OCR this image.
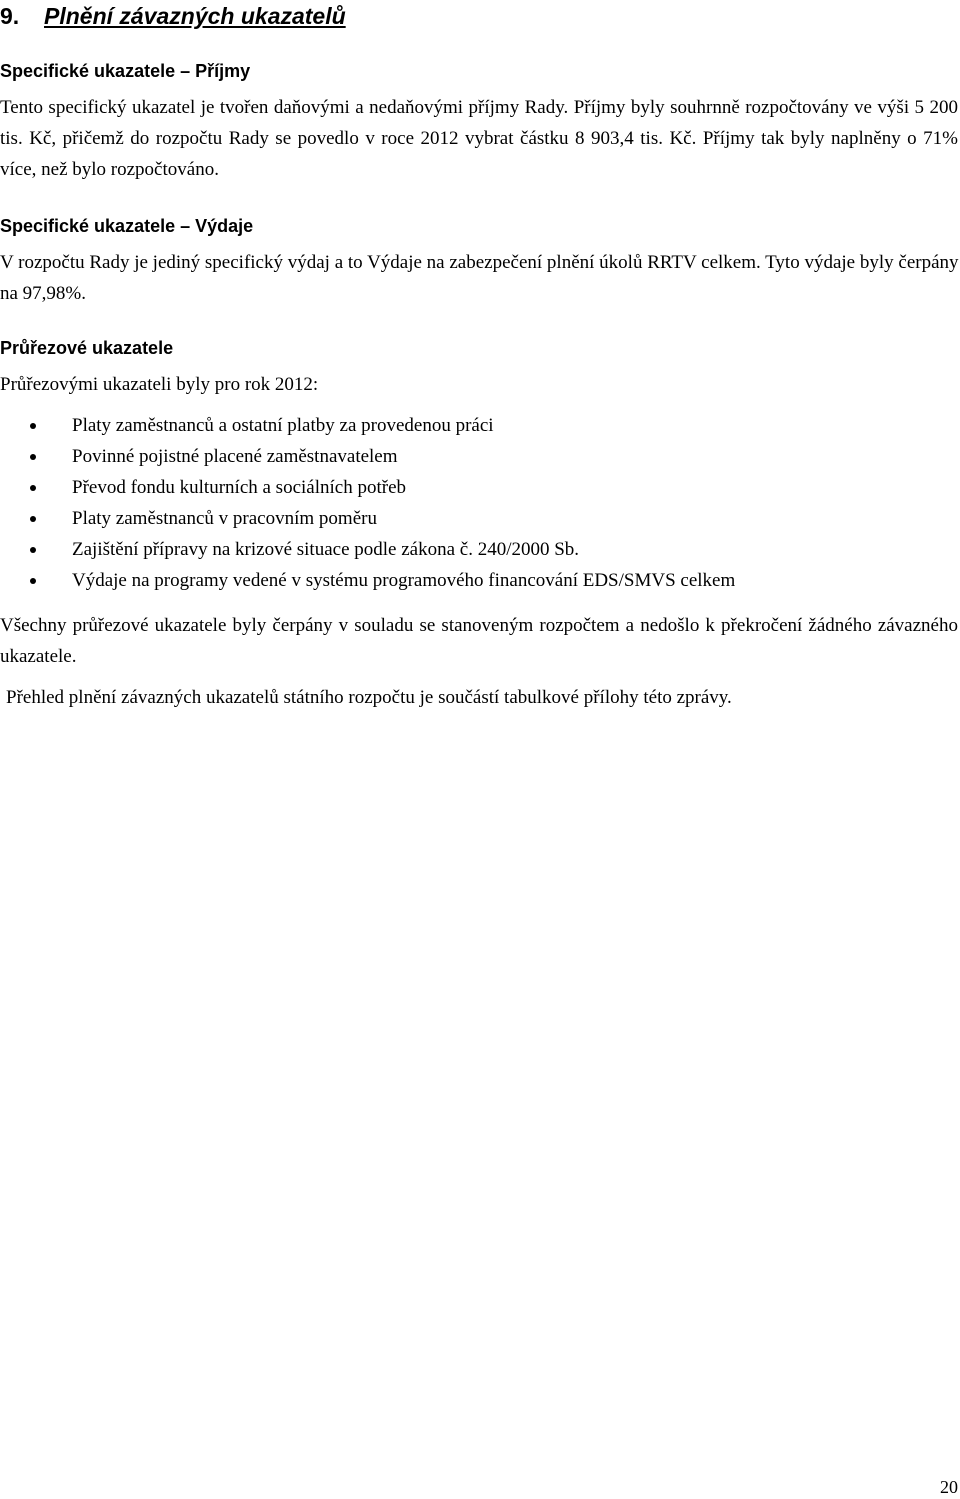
9. Plnění závazných ukazatelů
Specifické ukazatele – Příjmy
Tento specifický ukazatel je tvořen daňovými a nedaňovými příjmy Rady. Příjmy byly souhrnně rozpočtovány ve výši 5 200 tis. Kč, přičemž do rozpočtu Rady se povedlo v roce 2012 vybrat částku 8 903,4 tis. Kč. Příjmy tak byly naplněny o 71% více, než bylo rozpočtováno.
Specifické ukazatele – Výdaje
V rozpočtu Rady je jediný specifický výdaj a to Výdaje na zabezpečení plnění úkolů RRTV celkem. Tyto výdaje byly čerpány na 97,98%.
Průřezové ukazatele
Průřezovými ukazateli byly pro rok 2012:
Platy zaměstnanců a ostatní platby za provedenou práci
Povinné pojistné placené zaměstnavatelem
Převod fondu kulturních a sociálních potřeb
Platy zaměstnanců v pracovním poměru
Zajištění přípravy na krizové situace podle zákona č. 240/2000 Sb.
Výdaje na programy vedené v systému programového financování EDS/SMVS celkem
Všechny průřezové ukazatele byly čerpány v souladu se stanoveným rozpočtem a nedošlo k překročení žádného závazného ukazatele.
Přehled plnění závazných ukazatelů státního rozpočtu je součástí tabulkové přílohy této zprávy.
20
